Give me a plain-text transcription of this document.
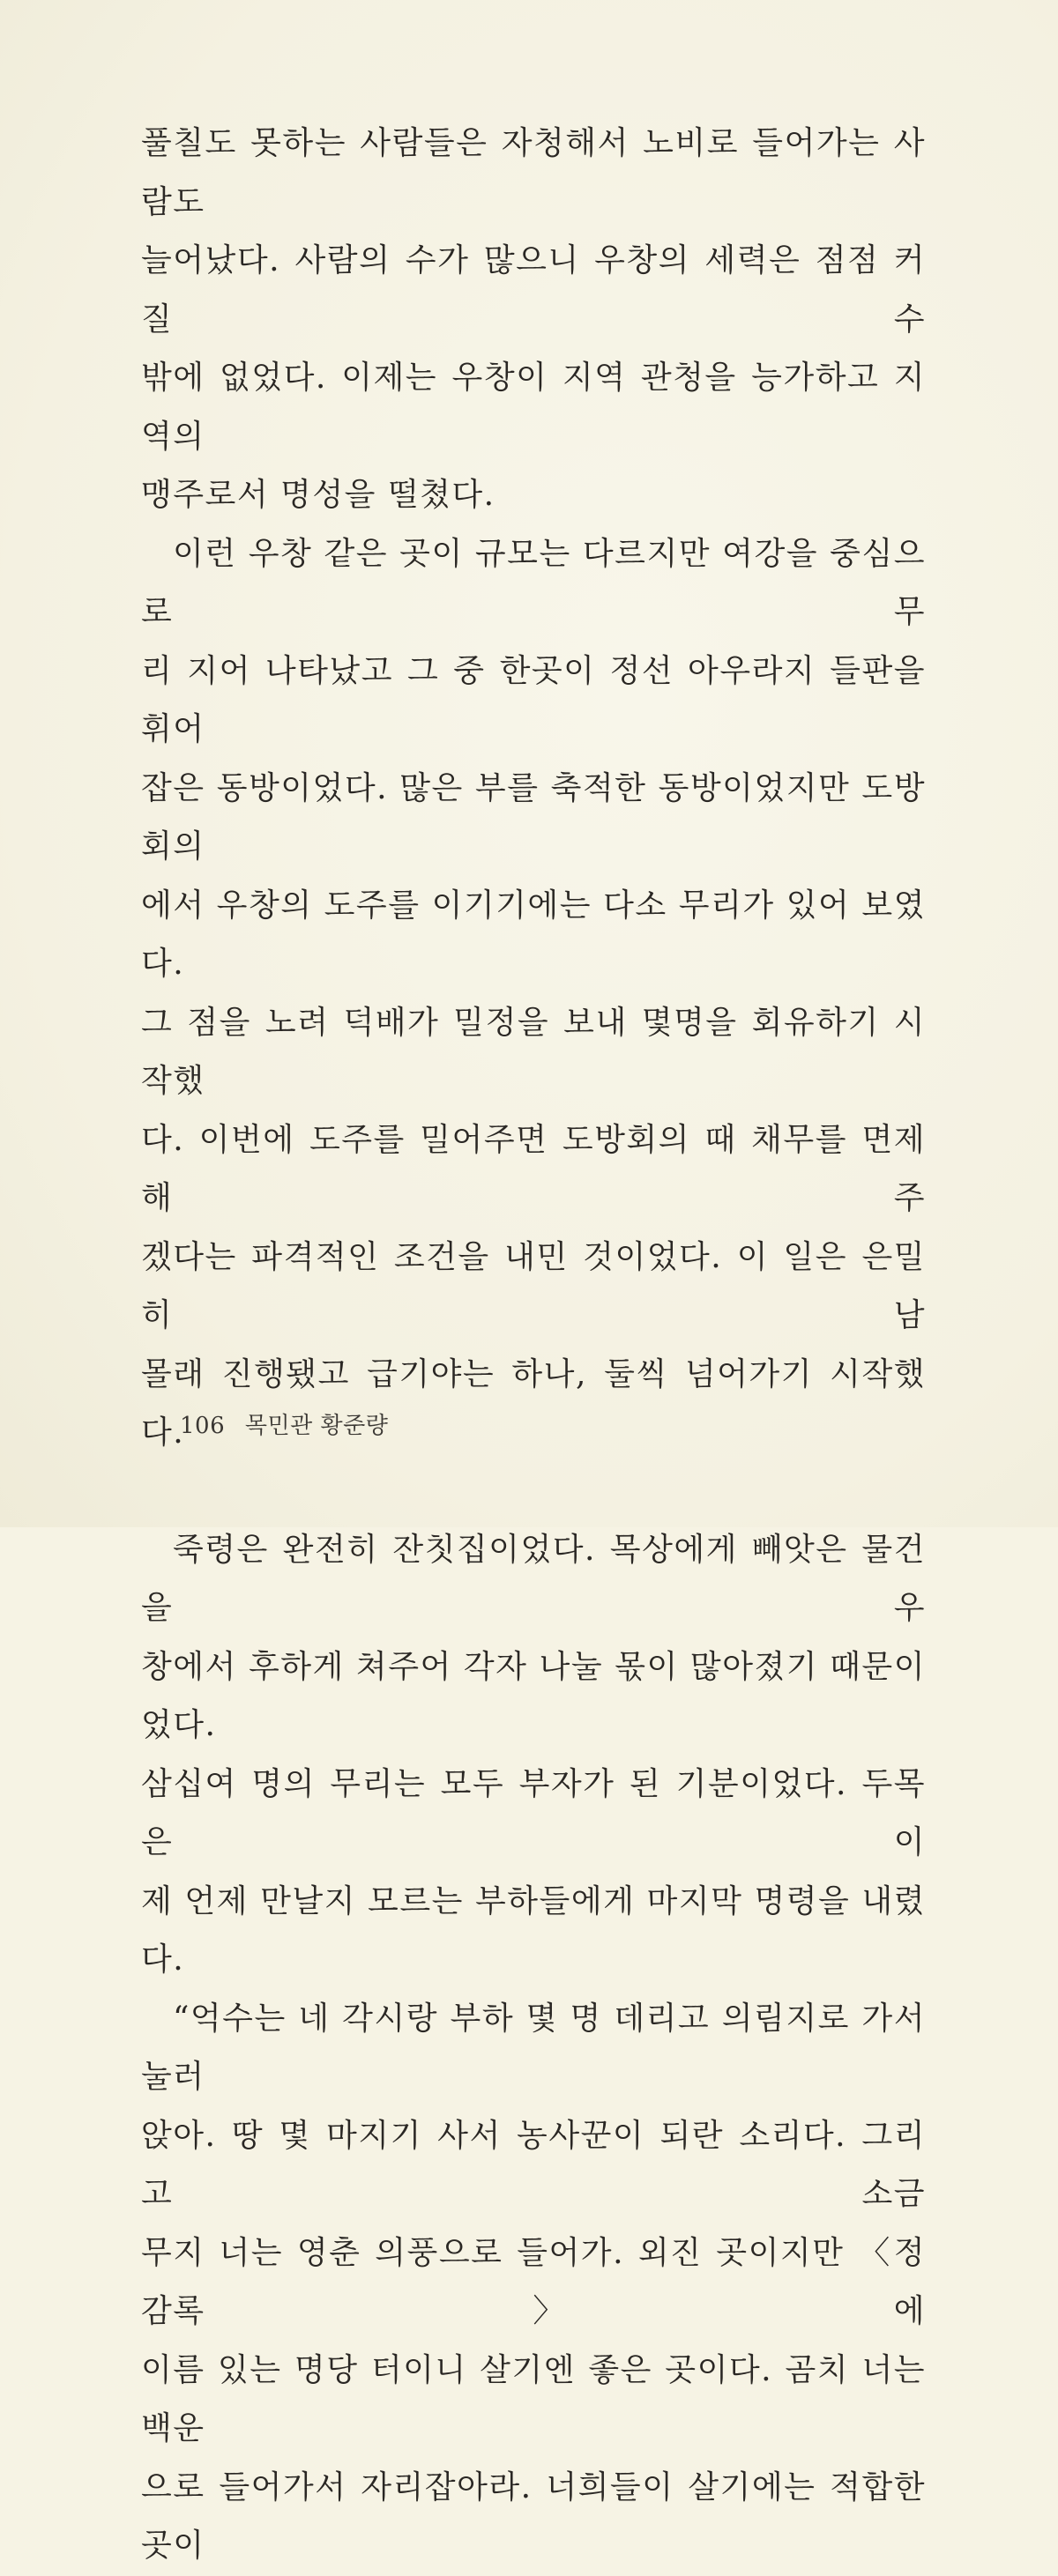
풀칠도 못하는 사람들은 자청해서 노비로 들어가는 사람도
늘어났다. 사람의 수가 많으니 우창의 세력은 점점 커질 수
밖에 없었다. 이제는 우창이 지역 관청을 능가하고 지역의
맹주로서 명성을 떨쳤다.

이런 우창 같은 곳이 규모는 다르지만 여강을 중심으로 무
리 지어 나타났고 그 중 한곳이 정선 아우라지 들판을 휘어
잡은 동방이었다. 많은 부를 축적한 동방이었지만 도방회의
에서 우창의 도주를 이기기에는 다소 무리가 있어 보였다.
그 점을 노려 덕배가 밀정을 보내 몇명을 회유하기 시작했
다. 이번에 도주를 밀어주면 도방회의 때 채무를 면제해 주
겠다는 파격적인 조건을 내민 것이었다. 이 일은 은밀히 남
몰래 진행됐고 급기야는 하나, 둘씩 넘어가기 시작했다.

죽령은 완전히 잔칫집이었다. 목상에게 빼앗은 물건을 우
창에서 후하게 쳐주어 각자 나눌 몫이 많아졌기 때문이었다.
삼십여 명의 무리는 모두 부자가 된 기분이었다. 두목은 이
제 언제 만날지 모르는 부하들에게 마지막 명령을 내렸다.

“억수는 네 각시랑 부하 몇 명 데리고 의림지로 가서 눌러
앉아. 땅 몇 마지기 사서 농사꾼이 되란 소리다. 그리고 소금
무지 너는 영춘 의풍으로 들어가. 외진 곳이지만 〈정감록〉에
이름 있는 명당 터이니 살기엔 좋은 곳이다. 곰치 너는 백운
으로 들어가서 자리잡아라. 너희들이 살기에는 적합한 곳이

106 목민관 황준량
